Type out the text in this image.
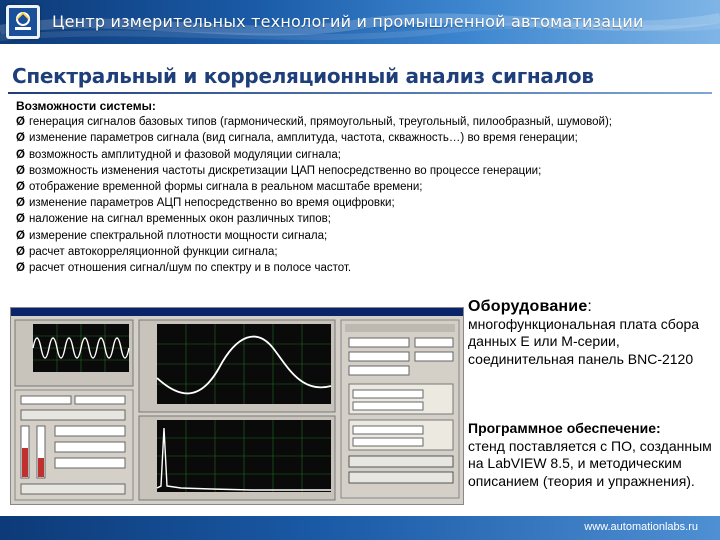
Центр измерительных технологий и промышленной автоматизации
Спектральный и корреляционный анализ сигналов
Возможности системы:
Ø генерация сигналов базовых типов (гармонический, прямоугольный, треугольный, пилообразный, шумовой);
Ø изменение параметров сигнала (вид сигнала, амплитуда, частота, скважность…) во время генерации;
Ø возможность амплитудной и фазовой модуляции сигнала;
Ø возможность изменения частоты дискретизации ЦАП непосредственно во процессе генерации;
Ø отображение временной формы сигнала в реальном масштабе времени;
Ø изменение параметров АЦП непосредственно во время оцифровки;
Ø наложение на сигнал временных окон различных типов;
Ø измерение спектральной плотности мощности сигнала;
Ø расчет автокорреляционной функции сигнала;
Ø расчет отношения сигнал/шум по спектру и в полосе частот.
Оборудование:
многофункциональная плата сбора данных E или M-серии, соединительная панель BNC-2120
Программное обеспечение:
стенд поставляется с ПО, созданным на LabVIEW 8.5, и методическим описанием (теория и упражнения).
www.automationlabs.ru
